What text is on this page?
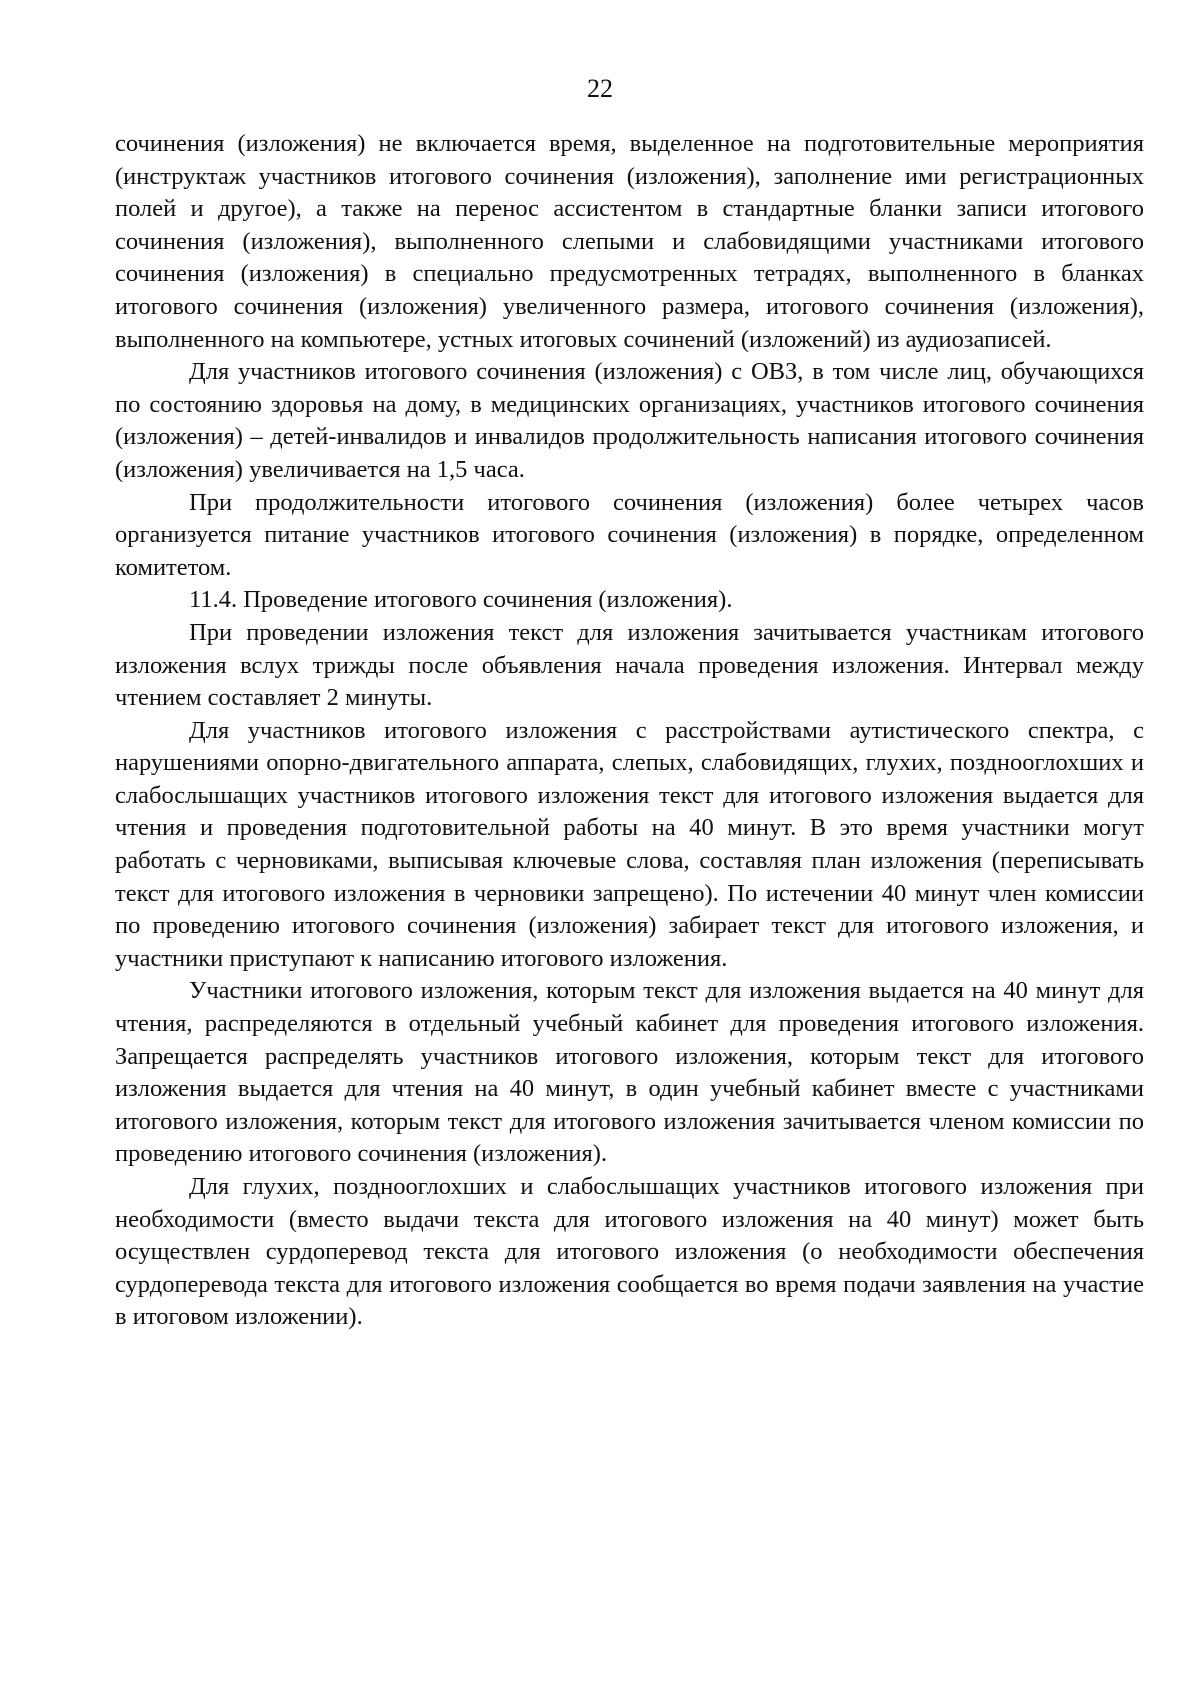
22

сочинения (изложения) не включается время, выделенное на подготовительные мероприятия (инструктаж участников итогового сочинения (изложения), заполнение ими регистрационных полей и другое), а также на перенос ассистентом в стандартные бланки записи итогового сочинения (изложения), выполненного слепыми и слабовидящими участниками итогового сочинения (изложения) в специально предусмотренных тетрадях, выполненного в бланках итогового сочинения (изложения) увеличенного размера, итогового сочинения (изложения), выполненного на компьютере, устных итоговых сочинений (изложений) из аудиозаписей.

Для участников итогового сочинения (изложения) с ОВЗ, в том числе лиц, обучающихся по состоянию здоровья на дому, в медицинских организациях, участников итогового сочинения (изложения) – детей-инвалидов и инвалидов продолжительность написания итогового сочинения (изложения) увеличивается на 1,5 часа.

При продолжительности итогового сочинения (изложения) более четырех часов организуется питание участников итогового сочинения (изложения) в порядке, определенном комитетом.

11.4. Проведение итогового сочинения (изложения).

При проведении изложения текст для изложения зачитывается участникам итогового изложения вслух трижды после объявления начала проведения изложения. Интервал между чтением составляет 2 минуты.

Для участников итогового изложения с расстройствами аутистического спектра, с нарушениями опорно-двигательного аппарата, слепых, слабовидящих, глухих, позднооглохших и слабослышащих участников итогового изложения текст для итогового изложения выдается для чтения и проведения подготовительной работы на 40 минут. В это время участники могут работать с черновиками, выписывая ключевые слова, составляя план изложения (переписывать текст для итогового изложения в черновики запрещено). По истечении 40 минут член комиссии по проведению итогового сочинения (изложения) забирает текст для итогового изложения, и участники приступают к написанию итогового изложения.

Участники итогового изложения, которым текст для изложения выдается на 40 минут для чтения, распределяются в отдельный учебный кабинет для проведения итогового изложения. Запрещается распределять участников итогового изложения, которым текст для итогового изложения выдается для чтения на 40 минут, в один учебный кабинет вместе с участниками итогового изложения, которым текст для итогового изложения зачитывается членом комиссии по проведению итогового сочинения (изложения).

Для глухих, позднооглохших и слабослышащих участников итогового изложения при необходимости (вместо выдачи текста для итогового изложения на 40 минут) может быть осуществлен сурдоперевод текста для итогового изложения (о необходимости обеспечения сурдоперевода текста для итогового изложения сообщается во время подачи заявления на участие в итоговом изложении).
